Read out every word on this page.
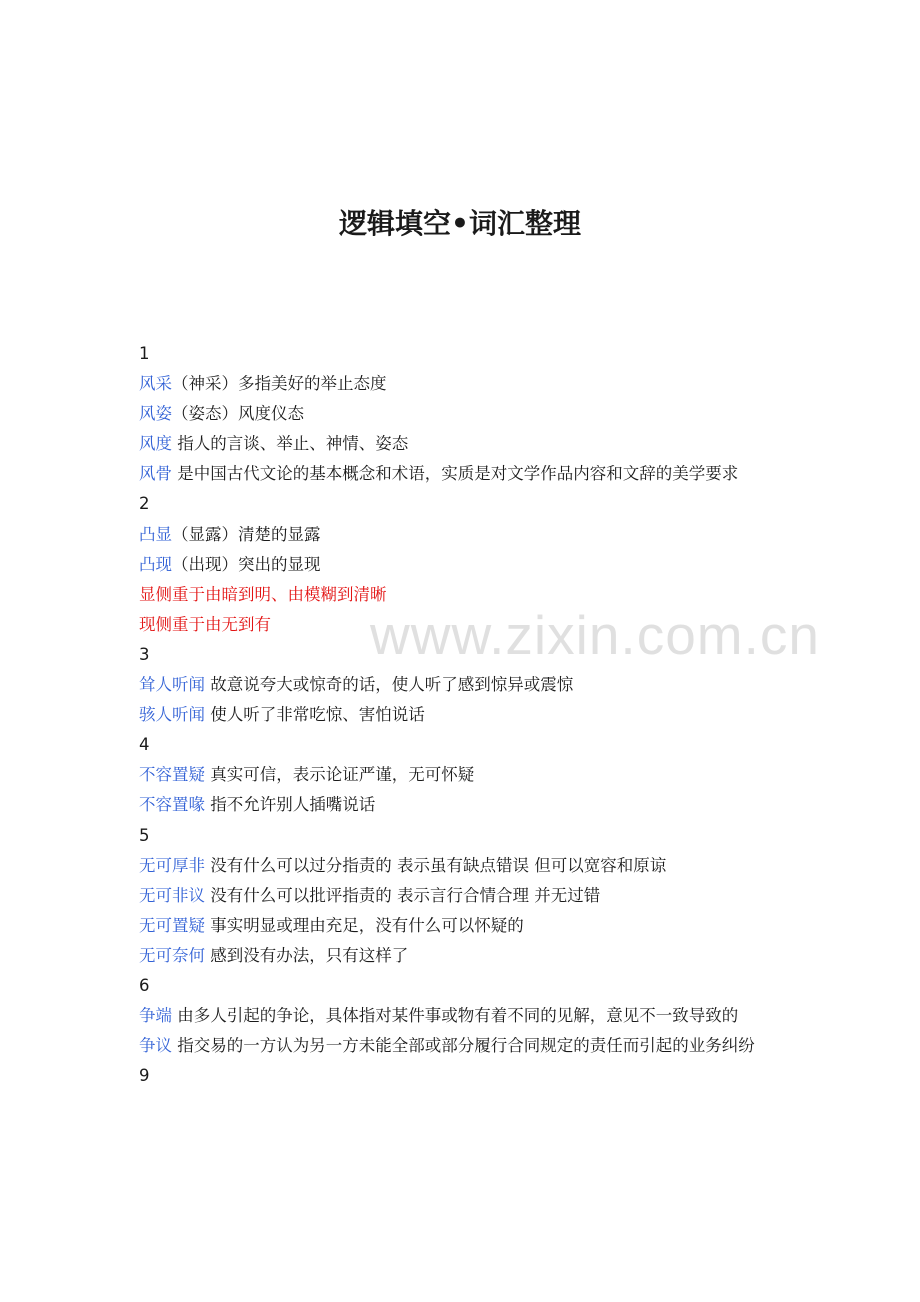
逻辑填空•词汇整理

1

风采（神采）多指美好的举止态度

风姿（姿态）风度仪态

风度 指人的言谈、举止、神情、姿态

风骨 是中国古代文论的基本概念和术语，实质是对文学作品内容和文辞的美学要求

2

凸显（显露）清楚的显露

凸现（出现）突出的显现

显侧重于由暗到明、由模糊到清晰

现侧重于由无到有

3

耸人听闻 故意说夸大或惊奇的话，使人听了感到惊异或震惊

骇人听闻 使人听了非常吃惊、害怕说话

4

不容置疑 真实可信，表示论证严谨，无可怀疑

不容置喙 指不允许别人插嘴说话

5

无可厚非 没有什么可以过分指责的 表示虽有缺点错误 但可以宽容和原谅

无可非议 没有什么可以批评指责的 表示言行合情合理 并无过错

无可置疑 事实明显或理由充足，没有什么可以怀疑的

无可奈何 感到没有办法，只有这样了

6

争端 由多人引起的争论，具体指对某件事或物有着不同的见解，意见不一致导致的

争议 指交易的一方认为另一方未能全部或部分履行合同规定的责任而引起的业务纠纷

9

www.zixin.com.cn
